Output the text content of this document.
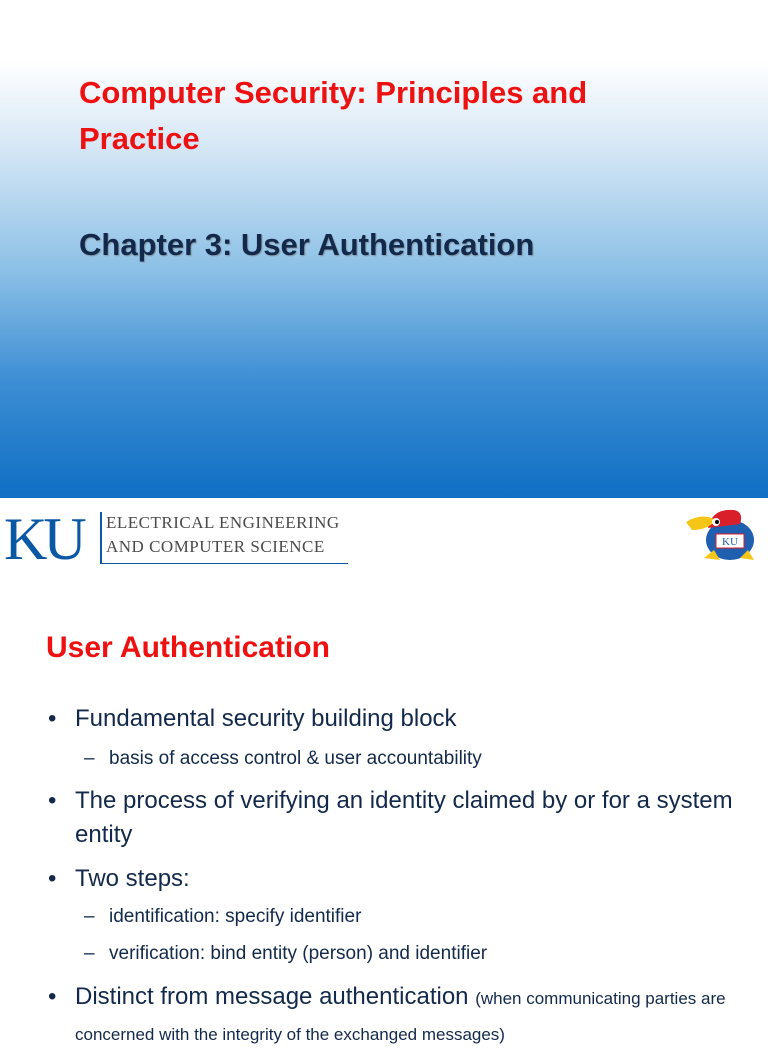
Computer Security: Principles and
Practice
Chapter 3: User Authentication
KU ELECTRICAL ENGINEERING
AND COMPUTER SCIENCE	KU
User Authentication
• Fundamental security building block
– basis of access control & user accountability
• The process of verifying an identity claimed by or for a system entity
• Two steps:
– identification: specify identifier
– verification: bind entity (person) and identifier
• Distinct from message authentication (when communicating parties are concerned with the integrity of the exchanged messages)
